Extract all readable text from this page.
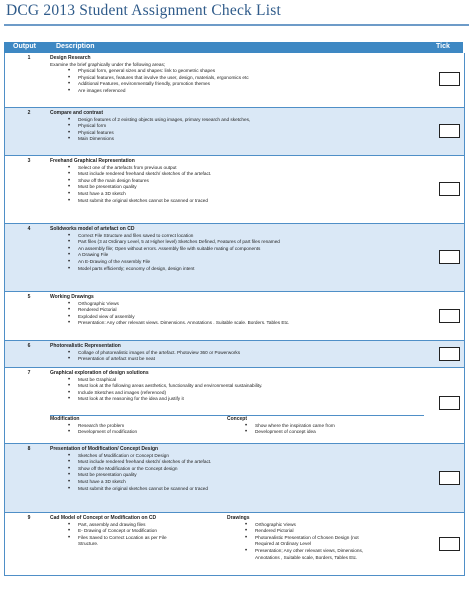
DCG 2013 Student Assignment Check List
Output	Description	Tick
1	Design Research
Examine the brief graphically under the following areas;
• Physical form, general sizes and shapes: link to geometric shapes
• Physical features, features that involve the user, design, materials, ergonomics etc
• Additional Features, environmentally friendly, promotion themes
• Are images referenced
2	Compare and contrast
• Design features of 2 existing objects using images, primary research and sketches,
• Physical form
• Physical features
• Main Dimensions
3	Freehand Graphical Representation
• Select one of the artefacts from previous output
• Must include rendered freehand sketch/ sketches of the artefact.
• Show off the main design features
• Must be presentation quality
• Must have a 3D sketch
• Must submit the original sketches cannot be scanned or traced
4	Solidworks model of artefact on CD
• Correct File Structure and files saved to correct location
• Part files (3 at Ordinary Level, 5 at Higher level) Sketches Defined, Features of part files renamed
• An assembly file; Open without errors. Assembly file with suitable mating of components
• A Drawing File
• An E-Drawing of the Assembly File
• Model parts efficiently; economy of design, design intent
5	Working Drawings
• Orthographic Views
• Rendered Pictorial
• Exploded view of assembly
• Presentation: Any other relevant views. Dimensions. Annotations . Suitable scale. Borders. Tables Etc.
6	Photorealistic Representation
• Collage of photorealistic images of the artefact. Photoview 360 or Powerworks
• Presentation of artefact must be neat
7	Graphical exploration of design solutions
• Must be Graphical
• Must look at the following areas aesthetics, functionality and environmental sustainability.
• Include Sketches and images (referenced)
• Must look at the reasoning for the idea and justify it
Modification
• Research the problem
• Development of modification
Concept
• Show where the inspiration came from
• Development of concept idea
8	Presentation of Modification/ Concept Design
• Sketches of Modification or Concept Design
• Must include rendered freehand sketch/ sketches of the artefact.
• Show off the Modification or the Concept design
• Must be presentation quality
• Must have a 3D sketch
• Must submit the original sketches cannot be scanned or traced
9	Cad Model of Concept or Modification on CD
• Part, assembly and drawing files
• E- Drawing of Concept or Modification
• Files Saved to Correct Location as per File
Structure.
Drawings
• Orthographic Views
• Rendered Pictorial
• Photorealistic Presentation of Chosen Design (not
Required at Ordinary Level
• Presentation; Any other relevant views, Dimensions,
Annotations , Suitable scale, Borders, Tables Etc.
